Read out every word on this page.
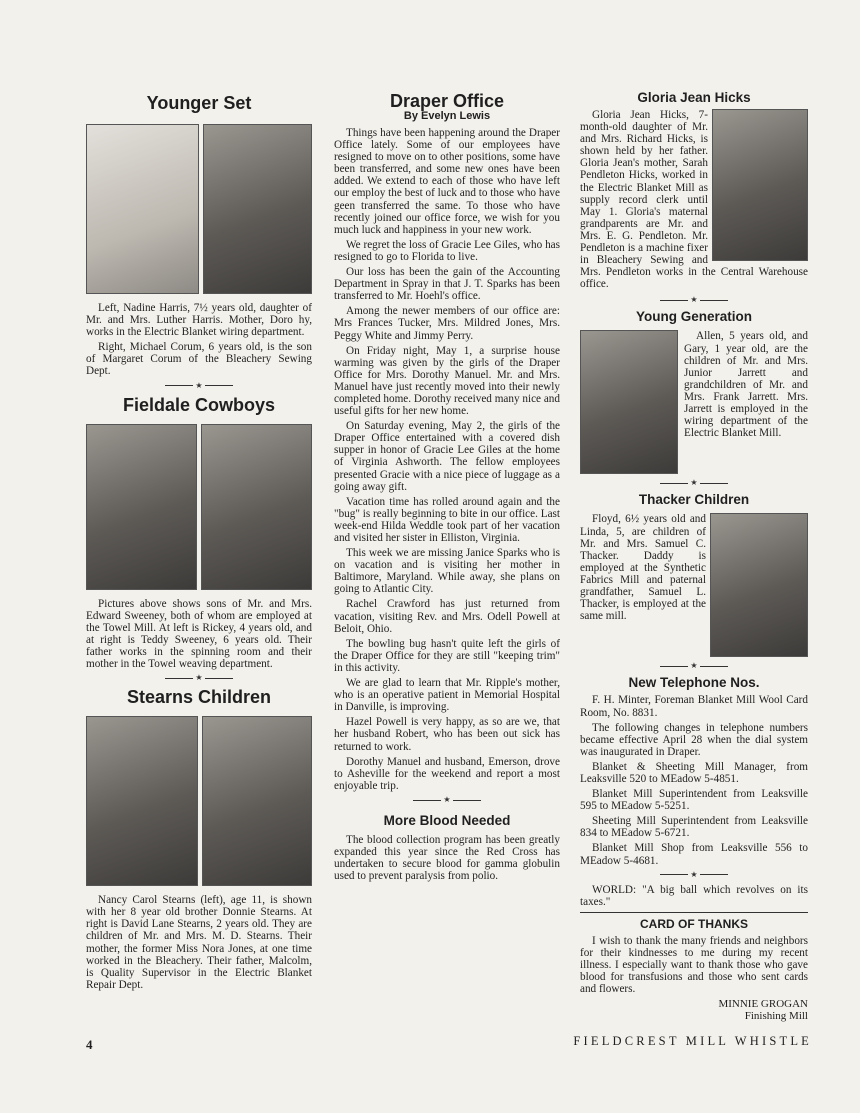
Younger Set

Left, Nadine Harris, 7½ years old, daughter of Mr. and Mrs. Luther Harris. Mother, Doro hy, works in the Electric Blanket wiring department.

Right, Michael Corum, 6 years old, is the son of Margaret Corum of the Bleachery Sewing Dept.

★
Fieldale Cowboys

Pictures above shows sons of Mr. and Mrs. Edward Sweeney, both of whom are employed at the Towel Mill. At left is Rickey, 4 years old, and at right is Teddy Sweeney, 6 years old. Their father works in the spinning room and their mother in the Towel weaving department.

★
Stearns Children

Nancy Carol Stearns (left), age 11, is shown with her 8 year old brother Donnie Stearns. At right is David Lane Stearns, 2 years old. They are children of Mr. and Mrs. M. D. Stearns. Their mother, the former Miss Nora Jones, at one time worked in the Bleachery. Their father, Malcolm, is Quality Supervisor in the Electric Blanket Repair Dept.

Draper Office
By Evelyn Lewis

Things have been happening around the Draper Office lately. Some of our employees have resigned to move on to other positions, some have been transferred, and some new ones have been added. We extend to each of those who have left our employ the best of luck and to those who have geen transferred the same. To those who have recently joined our office force, we wish for you much luck and happiness in your new work.

We regret the loss of Gracie Lee Giles, who has resigned to go to Florida to live.

Our loss has been the gain of the Accounting Department in Spray in that J. T. Sparks has been transferred to Mr. Hoehl's office.

Among the newer members of our office are: Mrs Frances Tucker, Mrs. Mildred Jones, Mrs. Peggy White and Jimmy Perry.

On Friday night, May 1, a surprise house warming was given by the girls of the Draper Office for Mrs. Dorothy Manuel. Mr. and Mrs. Manuel have just recently moved into their newly completed home. Dorothy received many nice and useful gifts for her new home.

On Saturday evening, May 2, the girls of the Draper Office entertained with a covered dish supper in honor of Gracie Lee Giles at the home of Virginia Ashworth. The fellow employees presented Gracie with a nice piece of luggage as a going away gift.

Vacation time has rolled around again and the "bug" is really beginning to bite in our office. Last week-end Hilda Weddle took part of her vacation and visited her sister in Elliston, Virginia.

This week we are missing Janice Sparks who is on vacation and is visiting her mother in Baltimore, Maryland. While away, she plans on going to Atlantic City.

Rachel Crawford has just returned from vacation, visiting Rev. and Mrs. Odell Powell at Beloit, Ohio.

The bowling bug hasn't quite left the girls of the Draper Office for they are still "keeping trim" in this activity.

We are glad to learn that Mr. Ripple's mother, who is an operative patient in Memorial Hospital in Danville, is improving.

Hazel Powell is very happy, as so are we, that her husband Robert, who has been out sick has returned to work.

Dorothy Manuel and husband, Emerson, drove to Asheville for the weekend and report a most enjoyable trip.

★
More Blood Needed

The blood collection program has been greatly expanded this year since the Red Cross has undertaken to secure blood for gamma globulin used to prevent paralysis from polio.

Gloria Jean Hicks

Gloria Jean Hicks, 7-month-old daughter of Mr. and Mrs. Richard Hicks, is shown held by her father. Gloria Jean's mother, Sarah Pendleton Hicks, worked in the Electric Blanket Mill as supply record clerk until May 1. Gloria's maternal grandparents are Mr. and Mrs. E. G. Pendleton. Mr. Pendleton is a machine fixer in Bleachery Sewing and Mrs. Pendleton works in the Central Warehouse office.

★
Young Generation

Allen, 5 years old, and Gary, 1 year old, are the children of Mr. and Mrs. Junior Jarrett and grandchildren of Mr. and Mrs. Frank Jarrett. Mrs. Jarrett is employed in the wiring department of the Electric Blanket Mill.

★
Thacker Children

Floyd, 6½ years old and Linda, 5, are children of Mr. and Mrs. Samuel C. Thacker. Daddy is employed at the Synthetic Fabrics Mill and paternal grandfather, Samuel L. Thacker, is employed at the same mill.

★
New Telephone Nos.

F. H. Minter, Foreman Blanket Mill Wool Card Room, No. 8831.

The following changes in telephone numbers became effective April 28 when the dial system was inaugurated in Draper.

Blanket & Sheeting Mill Manager, from Leaksville 520 to MEadow 5-4851.

Blanket Mill Superintendent from Leaksville 595 to MEadow 5-5251.

Sheeting Mill Superintendent from Leaksville 834 to MEadow 5-6721.

Blanket Mill Shop from Leaksville 556 to MEadow 5-4681.

★

WORLD: "A big ball which revolves on its taxes."

CARD OF THANKS

I wish to thank the many friends and neighbors for their kindnesses to me during my recent illness. I especially want to thank those who gave blood for transfusions and those who sent cards and flowers.

MINNIE GROGAN
Finishing Mill
4	FIELDCREST MILL WHISTLE
